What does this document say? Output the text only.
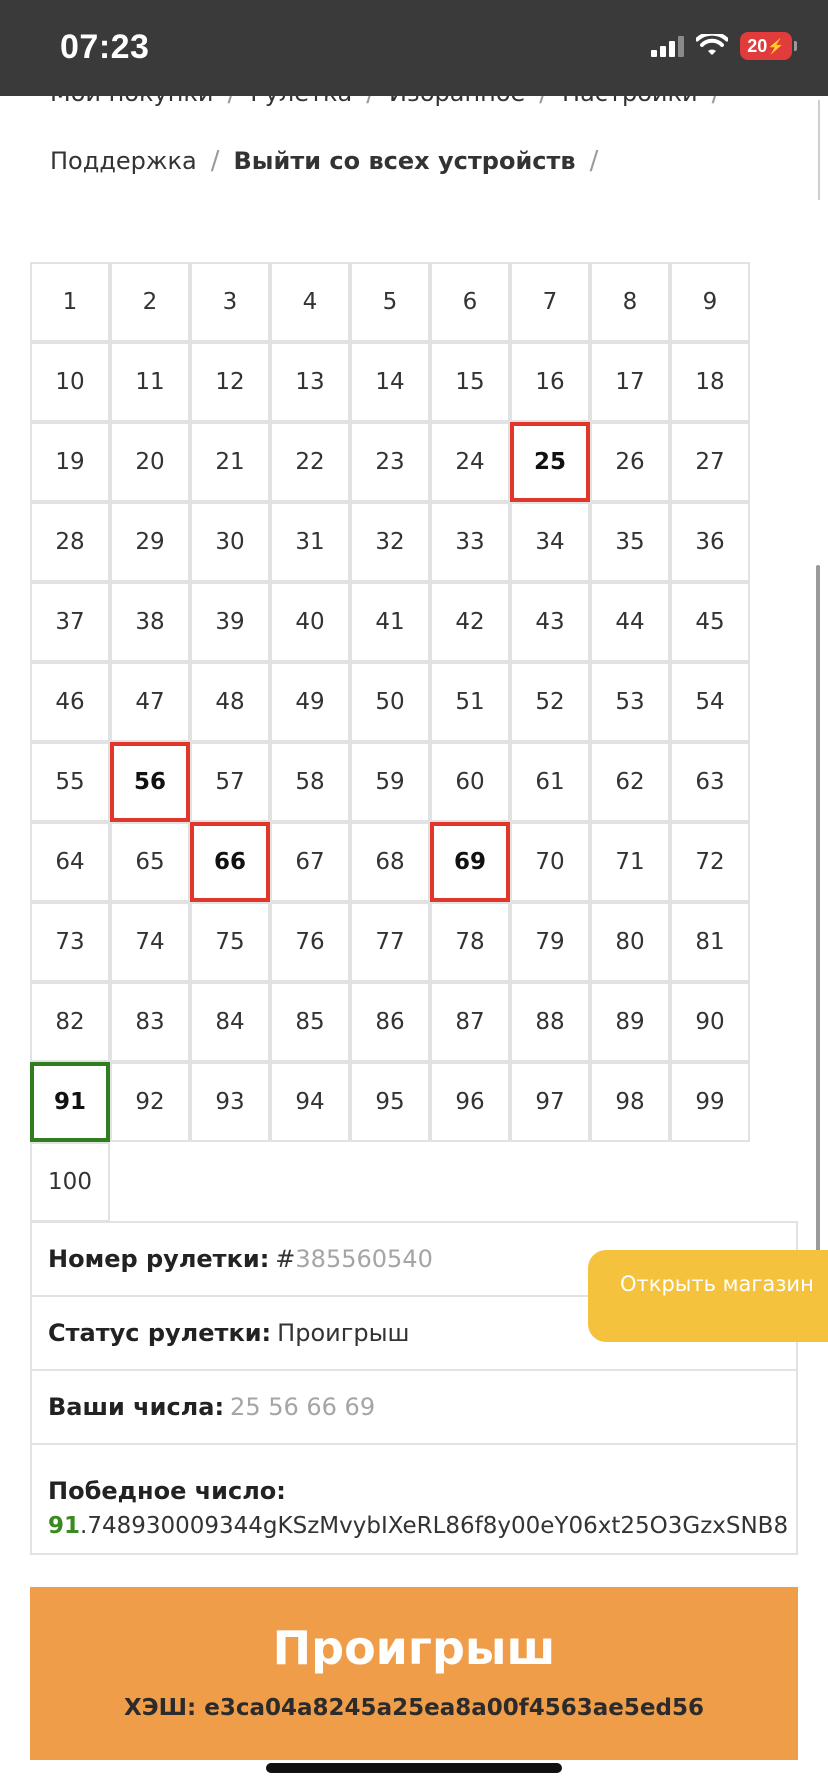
07:23	20 ⚡
Поддержка / Выйти со всех устройств /
1	2	3	4	5	6	7	8	9
10	11	12	13	14	15	16	17	18
19	20	21	22	23	24	25	26	27
28	29	30	31	32	33	34	35	36
37	38	39	40	41	42	43	44	45
46	47	48	49	50	51	52	53	54
55	56	57	58	59	60	61	62	63
64	65	66	67	68	69	70	71	72
73	74	75	76	77	78	79	80	81
82	83	84	85	86	87	88	89	90
91	92	93	94	95	96	97	98	99
100
Номер рулетки: # 385560540
Статус рулетки: Проигрыш
Ваши числа: 25 56 66 69
Победное число:
91.748930009344gKSzMvybIXeRL86f8y00eY06xt25O3GzxSNB8
Открыть магазин
Проигрыш
ХЭШ: e3ca04a8245a25ea8a00f4563ae5ed56
